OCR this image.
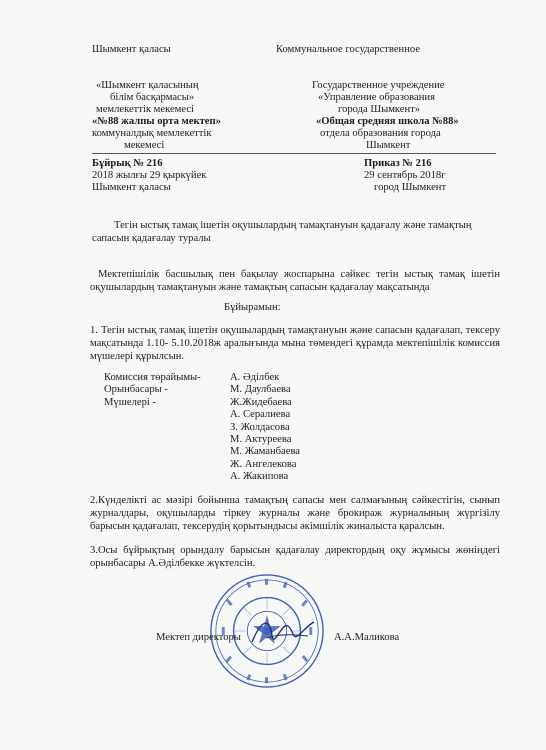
Шымкент қаласы	Коммунальное государственное
«Шымкент қаласының
білім басқармасы»
мемлекеттік мекемесі
«№88 жалпы орта мектеп»
коммуналдық мемлекеттік
мекемесі
Государственное учреждение
«Управление образования
города Шымкент»
«Общая средняя школа №88»
отдела образования города
Шымкент
Бұйрық № 216
2018 жылғы 29 қыркүйек
Шымкент қаласы
Приказ № 216
29 сентябрь 2018г
город Шымкент
Тегін ыстық тамақ ішетін оқушылардың тамақтануын қадағалу және тамақтың
сапасын қадағалау туралы
Мектепішілік басшылық пен бақылау жоспарына сәйкес тегін ыстық тамақ ішетін оқушылардың тамақтануын және тамақтың сапасын қадағалау мақсатында
Бұйырамын:
1. Тегін ыстық тамақ ішетін оқушылардың тамақтануын және сапасын қадағалап, тексеру мақсатында 1.10- 5.10.2018ж аралығында мына төмендегі құрамда мектепішілік комиссия мүшелері құрылсын.
Комиссия төрайымы-	А. Әділбек
Орынбасары -	М. Даулбаева
Мүшелері -	Ж.Жидебаева
А. Сералиева
З. Жолдасова
М. Актуреева
М. Жаманбаева
Ж. Ангелекова
А. Жакипова
2.Күнделікті ас мәзірі бойынша тамақтың сапасы мен салмағының сәйкестігін, сынып журналдары, оқушыларды тіркеу журналы және брокираж журналының жүргізілу барысын қадағалап, тексерудің қорытындысы әкімшілік жиналыста қаралсын.
3.Осы бұйрықтың орындалу барысын қадағалау директордың оқу жұмысы жөніндегі орынбасары А.Әділбекке жүктелсін.
Мектеп директоры	А.А.Маликова
